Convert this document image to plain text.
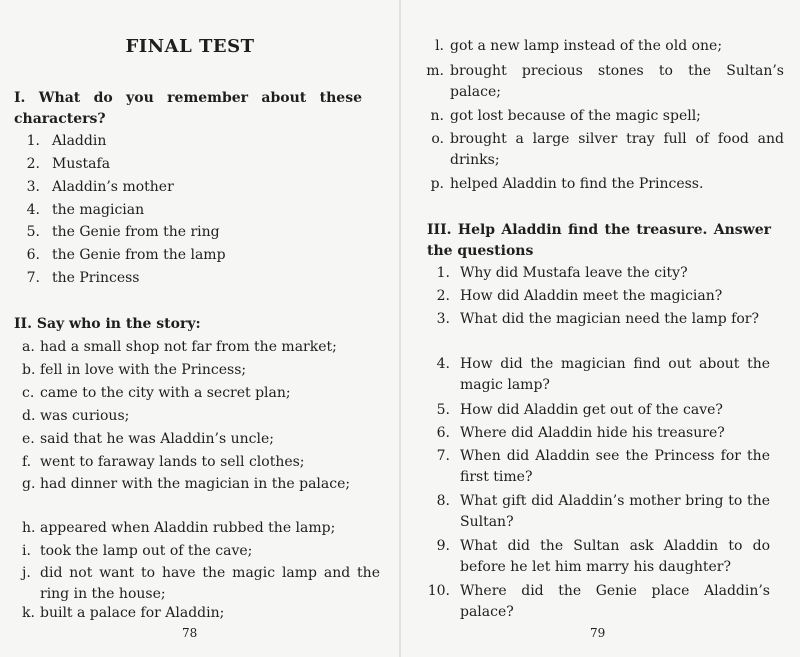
FINAL TEST
I. What do you remember about these
characters?
1. Aladdin
2. Mustafa
3. Aladdin’s mother
4. the magician
5. the Genie from the ring
6. the Genie from the lamp
7. the Princess
II. Say who in the story:
a. had a small shop not far from the market;
b. fell in love with the Princess;
c. came to the city with a secret plan;
d. was curious;
e. said that he was Aladdin’s uncle;
f. went to faraway lands to sell clothes;
g. had dinner with the magician in the palace;
h. appeared when Aladdin rubbed the lamp;
i. took the lamp out of the cave;
j. did not want to have the magic lamp and the ring in the house;
k. built a palace for Aladdin;
78
l. got a new lamp instead of the old one;
m. brought precious stones to the Sultan’s palace;
n. got lost because of the magic spell;
o. brought a large silver tray full of food and drinks;
p. helped Aladdin to find the Princess.
III. Help Aladdin find the treasure. Answer
the questions
1. Why did Mustafa leave the city?
2. How did Aladdin meet the magician?
3. What did the magician need the lamp for?
4. How did the magician find out about the magic lamp?
5. How did Aladdin get out of the cave?
6. Where did Aladdin hide his treasure?
7. When did Aladdin see the Princess for the first time?
8. What gift did Aladdin’s mother bring to the Sultan?
9. What did the Sultan ask Aladdin to do before he let him marry his daughter?
10. Where did the Genie place Aladdin’s palace?
79
